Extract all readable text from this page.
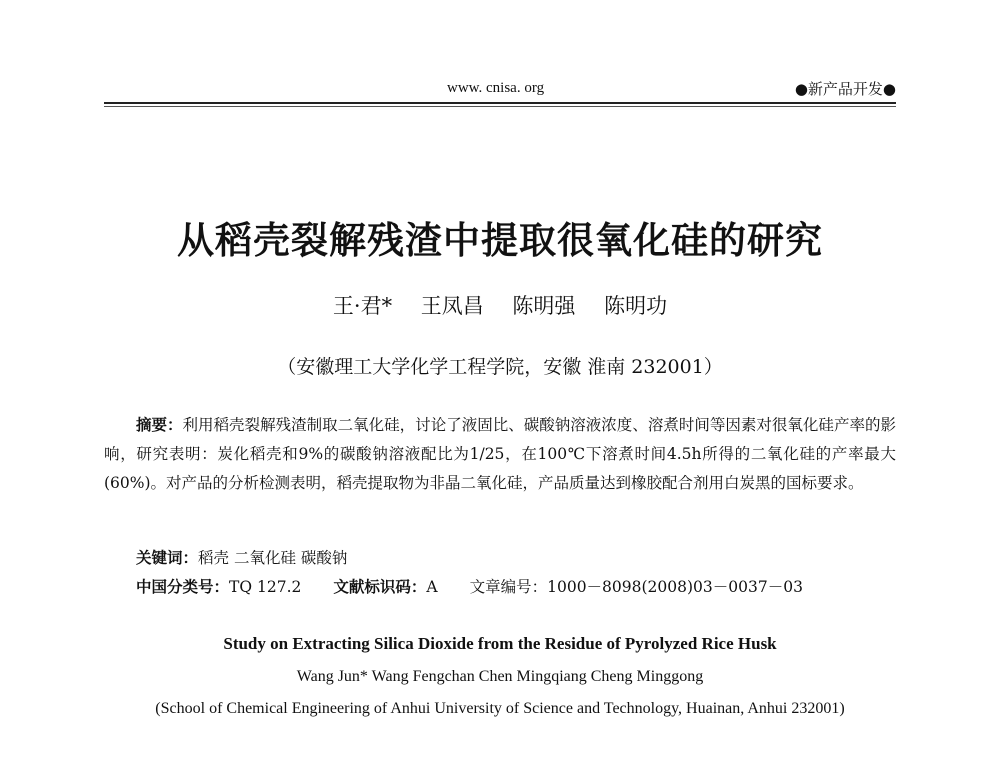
www. cnisa. org	●新产品开发●
从稻壳裂解残渣中提取很氧化硅的研究
王·君* 王凤昌 陈明强 陈明功
（安徽理工大学化学工程学院，安徽 淮南 232001）

摘要：利用稻壳裂解残渣制取二氧化硅，讨论了液固比、碳酸钠溶液浓度、溶煮时间等因素对很氧化硅产率的影响，研究表明：炭化稻壳和9%的碳酸钠溶液配比为1/25，在100℃下溶煮时间4.5h所得的二氧化硅的产率最大(60%)。对产品的分析检测表明，稻壳提取物为非晶二氧化硅，产品质量达到橡胶配合剂用白炭黑的国标要求。

关键词：稻壳 二氧化硅 碳酸钠
中国分类号：TQ 127.2 文献标识码：A 文章编号：1000－8098(2008)03－0037－03
Study on Extracting Silica Dioxide from the Residue of Pyrolyzed Rice Husk
Wang Jun* Wang Fengchan Chen Mingqiang Cheng Minggong
(School of Chemical Engineering of Anhui University of Science and Technology, Huainan, Anhui 232001)
